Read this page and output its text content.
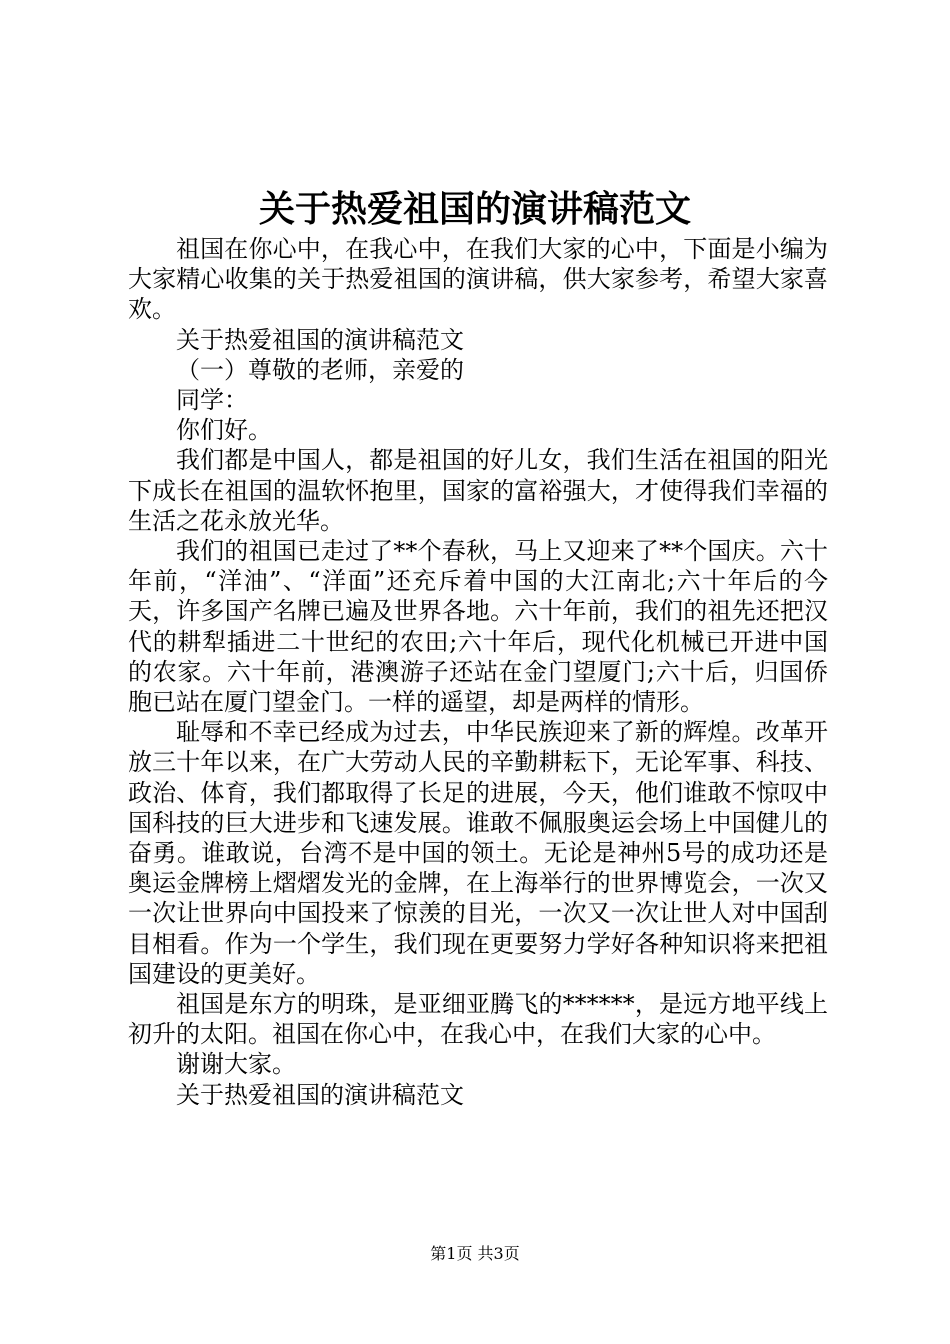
关于热爱祖国的演讲稿范文

祖国在你心中，在我心中，在我们大家的心中，下面是小编为大家精心收集的关于热爱祖国的演讲稿，供大家参考，希望大家喜欢。

关于热爱祖国的演讲稿范文

（一）尊敬的老师，亲爱的

同学：

你们好。

我们都是中国人，都是祖国的好儿女，我们生活在祖国的阳光下成长在祖国的温软怀抱里，国家的富裕强大，才使得我们幸福的生活之花永放光华。

我们的祖国已走过了**个春秋，马上又迎来了**个国庆。六十年前，“洋油”、“洋面”还充斥着中国的大江南北;六十年后的今天，许多国产名牌已遍及世界各地。六十年前，我们的祖先还把汉代的耕犁插进二十世纪的农田;六十年后，现代化机械已开进中国的农家。六十年前，港澳游子还站在金门望厦门;六十后，归国侨胞已站在厦门望金门。一样的遥望，却是两样的情形。

耻辱和不幸已经成为过去，中华民族迎来了新的辉煌。改革开放三十年以来，在广大劳动人民的辛勤耕耘下，无论军事、科技、政治、体育，我们都取得了长足的进展，今天，他们谁敢不惊叹中国科技的巨大进步和飞速发展。谁敢不佩服奥运会场上中国健儿的奋勇。谁敢说，台湾不是中国的领土。无论是神州5号的成功还是奥运金牌榜上熠熠发光的金牌，在上海举行的世界博览会，一次又一次让世界向中国投来了惊羡的目光，一次又一次让世人对中国刮目相看。作为一个学生，我们现在更要努力学好各种知识将来把祖国建设的更美好。

祖国是东方的明珠，是亚细亚腾飞的******，是远方地平线上初升的太阳。祖国在你心中，在我心中，在我们大家的心中。

谢谢大家。

关于热爱祖国的演讲稿范文

第1页 共3页
